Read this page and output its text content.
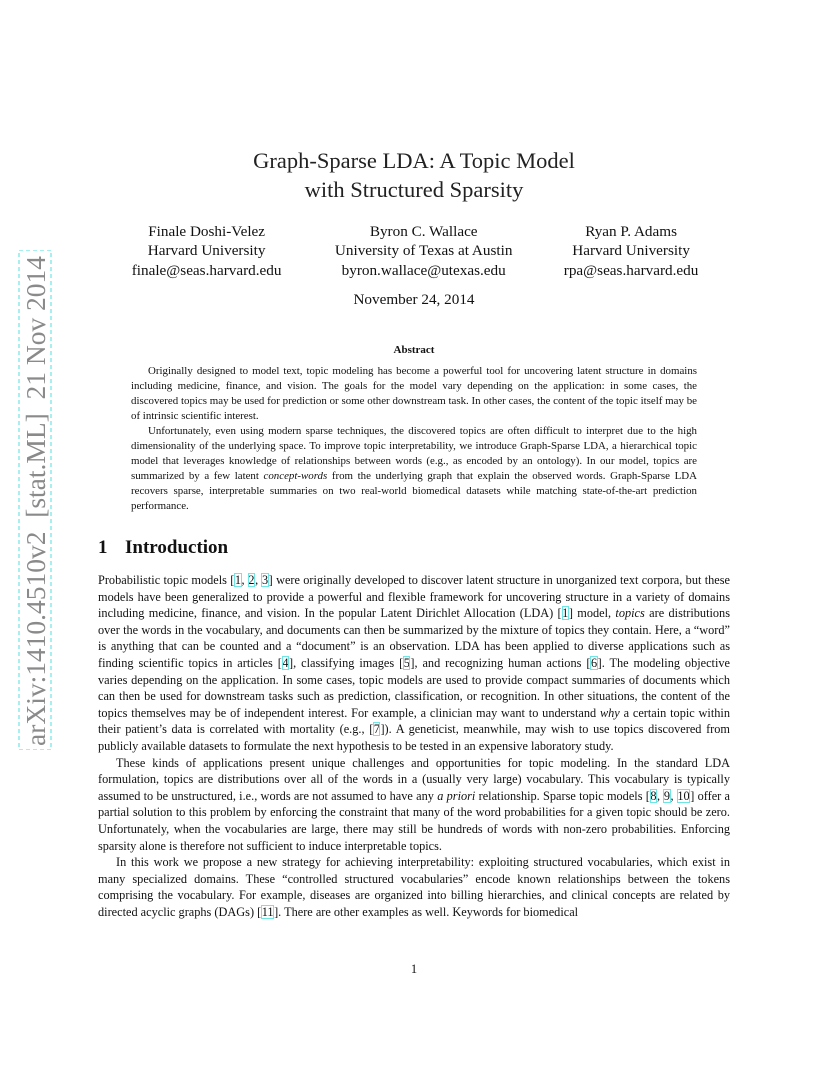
arXiv:1410.4510v2  [stat.ML]  21 Nov 2014
Graph-Sparse LDA: A Topic Model
with Structured Sparsity
Finale Doshi-Velez
Harvard University
finale@seas.harvard.edu
Byron C. Wallace
University of Texas at Austin
byron.wallace@utexas.edu
Ryan P. Adams
Harvard University
rpa@seas.harvard.edu
November 24, 2014
Abstract

Originally designed to model text, topic modeling has become a powerful tool for uncovering latent structure in domains including medicine, finance, and vision. The goals for the model vary depending on the application: in some cases, the discovered topics may be used for prediction or some other downstream task. In other cases, the content of the topic itself may be of intrinsic scientific interest.

Unfortunately, even using modern sparse techniques, the discovered topics are often difficult to interpret due to the high dimensionality of the underlying space. To improve topic interpretability, we introduce Graph-Sparse LDA, a hierarchical topic model that leverages knowledge of relationships between words (e.g., as encoded by an ontology). In our model, topics are summarized by a few latent concept-words from the underlying graph that explain the observed words. Graph-Sparse LDA recovers sparse, interpretable summaries on two real-world biomedical datasets while matching state-of-the-art prediction performance.

1 Introduction

Probabilistic topic models [1, 2, 3] were originally developed to discover latent structure in unorganized text corpora, but these models have been generalized to provide a powerful and flexible framework for uncovering structure in a variety of domains including medicine, finance, and vision. In the popular Latent Dirichlet Allocation (LDA) [1] model, topics are distributions over the words in the vocabulary, and documents can then be summarized by the mixture of topics they contain. Here, a “word” is anything that can be counted and a “document” is an observation. LDA has been applied to diverse applications such as finding scientific topics in articles [4], classifying images [5], and recognizing human actions [6]. The modeling objective varies depending on the application. In some cases, topic models are used to provide compact summaries of documents which can then be used for downstream tasks such as prediction, classification, or recognition. In other situations, the content of the topics themselves may be of independent interest. For example, a clinician may want to understand why a certain topic within their patient’s data is correlated with mortality (e.g., [7]). A geneticist, meanwhile, may wish to use topics discovered from publicly available datasets to formulate the next hypothesis to be tested in an expensive laboratory study.

These kinds of applications present unique challenges and opportunities for topic modeling. In the standard LDA formulation, topics are distributions over all of the words in a (usually very large) vocabulary. This vocabulary is typically assumed to be unstructured, i.e., words are not assumed to have any a priori relationship. Sparse topic models [8, 9, 10] offer a partial solution to this problem by enforcing the constraint that many of the word probabilities for a given topic should be zero. Unfortunately, when the vocabularies are large, there may still be hundreds of words with non-zero probabilities. Enforcing sparsity alone is therefore not sufficient to induce interpretable topics.

In this work we propose a new strategy for achieving interpretability: exploiting structured vocabularies, which exist in many specialized domains. These “controlled structured vocabularies” encode known relationships between the tokens comprising the vocabulary. For example, diseases are organized into billing hierarchies, and clinical concepts are related by directed acyclic graphs (DAGs) [11]. There are other examples as well. Keywords for biomedical

1
